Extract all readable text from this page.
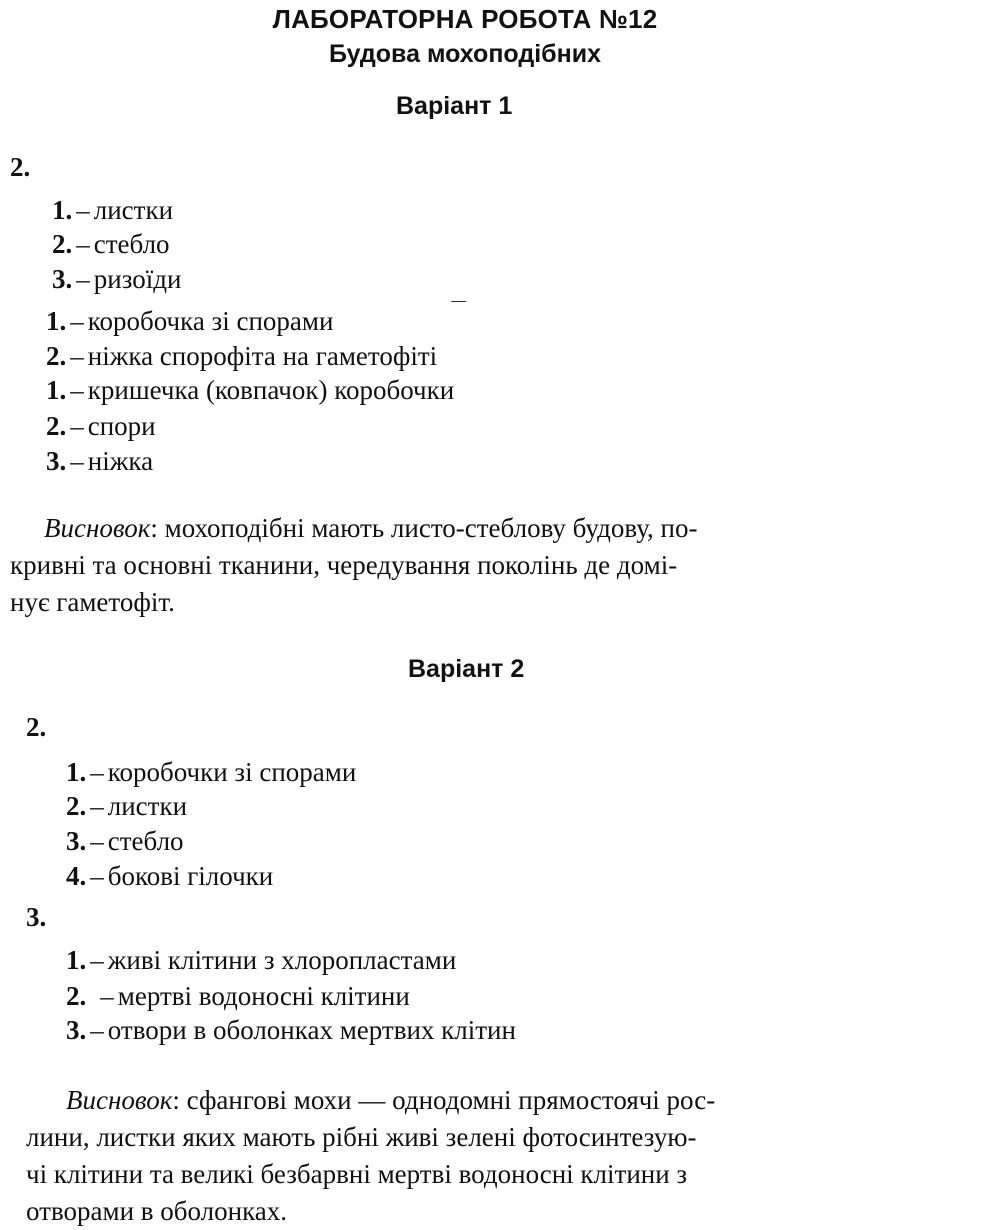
ЛАБОРАТОРНА РОБОТА №12
Будова мохоподібних
Варіант 1
2.
1. – листки
2. – стебло
3. – ризоїди
1. – коробочка зі спорами	‾‾
2. – ніжка спорофіта на гаметофіті
1. – кришечка (ковпачок) коробочки
2. – спори
3. – ніжка
Висновок: мохоподібні мають листо-стеблову будову, по-
кривні та основні тканини, чередування поколінь де домі-
нує гаметофіт.
Варіант 2
2.
1. – коробочки зі спорами
2. – листки
3. – стебло
4. – бокові гілочки
3.
1. – живі клітини з хлоропластами
2. – мертві водоносні клітини
3. – отвори в оболонках мертвих клітин
Висновок: сфангові мохи — однодомні прямостоячі рос-
лини, листки яких мають рібні живі зелені фотосинтезую-
чі клітини та великі безбарвні мертві водоносні клітини з
отворами в оболонках.
